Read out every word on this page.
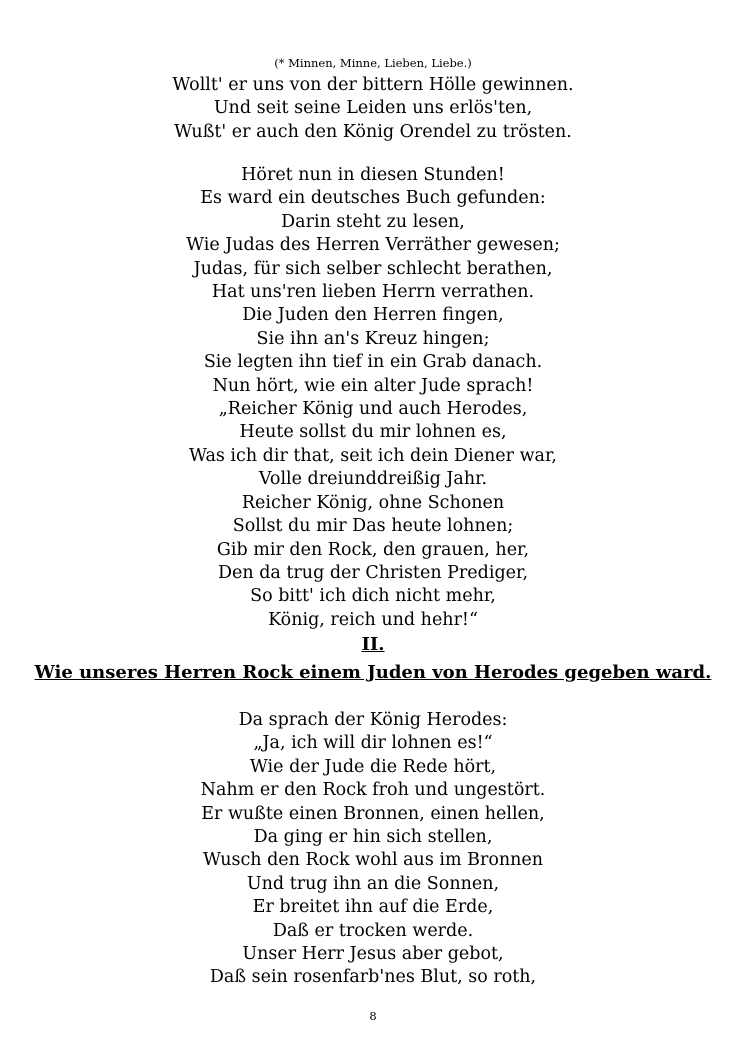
(* Minnen, Minne, Lieben, Liebe.)
Wollt' er uns von der bittern Hölle gewinnen.
Und seit seine Leiden uns erlös'ten,
Wußt' er auch den König Orendel zu trösten.
Höret nun in diesen Stunden!
Es ward ein deutsches Buch gefunden:
Darin steht zu lesen,
Wie Judas des Herren Verräther gewesen;
Judas, für sich selber schlecht berathen,
Hat uns'ren lieben Herrn verrathen.
Die Juden den Herren fingen,
Sie ihn an's Kreuz hingen;
Sie legten ihn tief in ein Grab danach.
Nun hört, wie ein alter Jude sprach!
„Reicher König und auch Herodes,
Heute sollst du mir lohnen es,
Was ich dir that, seit ich dein Diener war,
Volle dreiunddreißig Jahr.
Reicher König, ohne Schonen
Sollst du mir Das heute lohnen;
Gib mir den Rock, den grauen, her,
Den da trug der Christen Prediger,
So bitt' ich dich nicht mehr,
König, reich und hehr!“
II.
Wie unseres Herren Rock einem Juden von Herodes gegeben ward.
Da sprach der König Herodes:
„Ja, ich will dir lohnen es!“
Wie der Jude die Rede hört,
Nahm er den Rock froh und ungestört.
Er wußte einen Bronnen, einen hellen,
Da ging er hin sich stellen,
Wusch den Rock wohl aus im Bronnen
Und trug ihn an die Sonnen,
Er breitet ihn auf die Erde,
Daß er trocken werde.
Unser Herr Jesus aber gebot,
Daß sein rosenfarb'nes Blut, so roth,
8
